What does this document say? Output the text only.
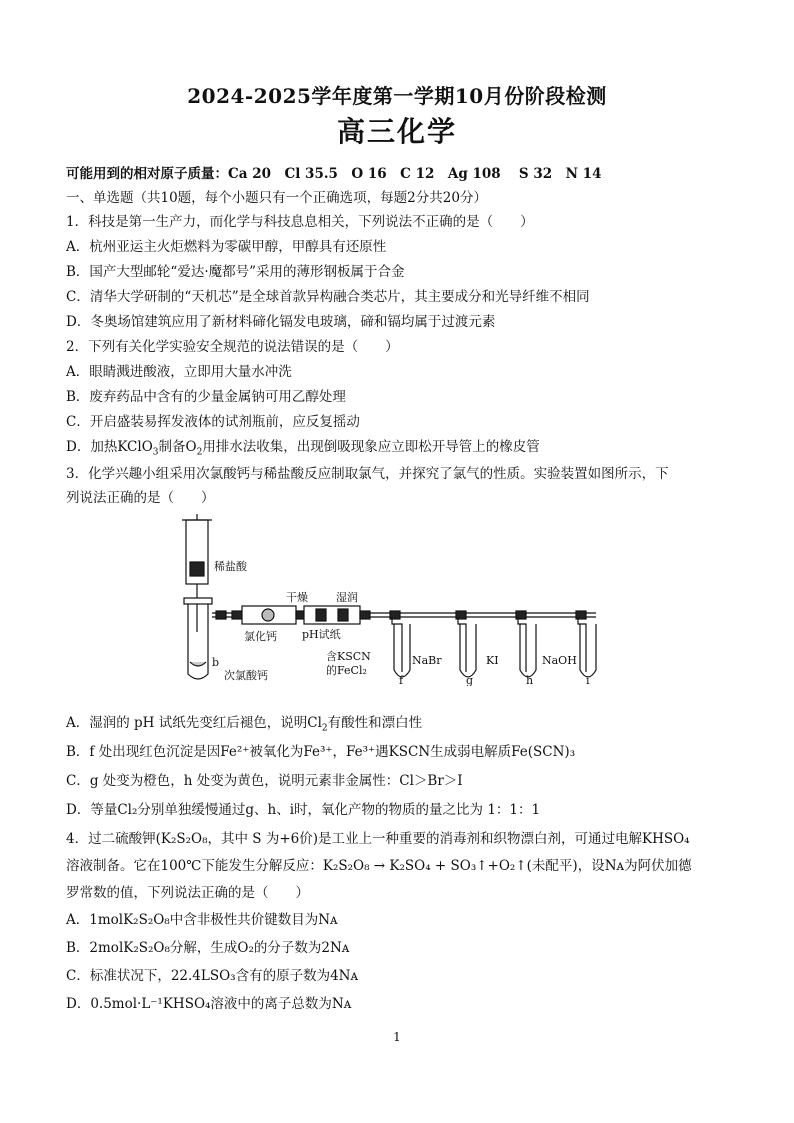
2024-2025学年度第一学期10月份阶段检测
高三化学
可能用到的相对原子质量：Ca 20　Cl 35.5　O 16　C 12　Ag 108　 S 32　N 14
一、单选题（共10题，每个小题只有一个正确选项，每题2分共20分）
1．科技是第一生产力，而化学与科技息息相关，下列说法不正确的是（　　）
A．杭州亚运主火炬燃料为零碳甲醇，甲醇具有还原性
B．国产大型邮轮“爱达·魔都号”采用的薄形钢板属于合金
C．清华大学研制的“天机芯”是全球首款异构融合类芯片，其主要成分和光导纤维不相同
D．冬奥场馆建筑应用了新材料碲化镉发电玻璃，碲和镉均属于过渡元素
2．下列有关化学实验安全规范的说法错误的是（　　）
A．眼睛溅进酸液，立即用大量水冲洗
B．废弃药品中含有的少量金属钠可用乙醇处理
C．开启盛装易挥发液体的试剂瓶前，应反复摇动
D．加热KClO$_3$制备$O_2$用排水法收集，出现倒吸现象应立即松开导管上的橡皮管
3．化学兴趣小组采用次氯酸钙与稀盐酸反应制取氯气，并探究了氯气的性质。实验装置如图所示，下
列说法正确的是（　　）
稀盐酸
b
次氯酸钙
干燥	湿润
氯化钙 pH试纸
含KSCN
的FeCl₂
NaBr	KI	NaOH
f	g	h	i
A．湿润的 pH 试纸先变红后褪色，说明$Cl_2$有酸性和漂白性
B．f 处出现红色沉淀是因Fe²⁺被氧化为Fe³⁺，Fe³⁺遇KSCN生成弱电解质Fe(SCN)₃
C．g 处变为橙色，h 处变为黄色，说明元素非金属性：Cl＞Br＞I
D．等量Cl₂分别单独缓慢通过g、h、i时，氧化产物的物质的量之比为 1：1：1
4．过二硫酸钾(K₂S₂O₈，其中 S 为+6价)是工业上一种重要的消毒剂和织物漂白剂，可通过电解KHSO₄
溶液制备。它在100℃下能发生分解反应：K₂S₂O₈ → K₂SO₄ + SO₃↑+O₂↑(未配平)，设Nᴀ为阿伏加德
罗常数的值，下列说法正确的是（　　）
A．1molK₂S₂O₈中含非极性共价键数目为Nᴀ
B．2molK₂S₂O₈分解，生成O₂的分子数为2Nᴀ
C．标准状况下，22.4LSO₃含有的原子数为4Nᴀ
D．0.5mol·L⁻¹KHSO₄溶液中的离子总数为Nᴀ
1
